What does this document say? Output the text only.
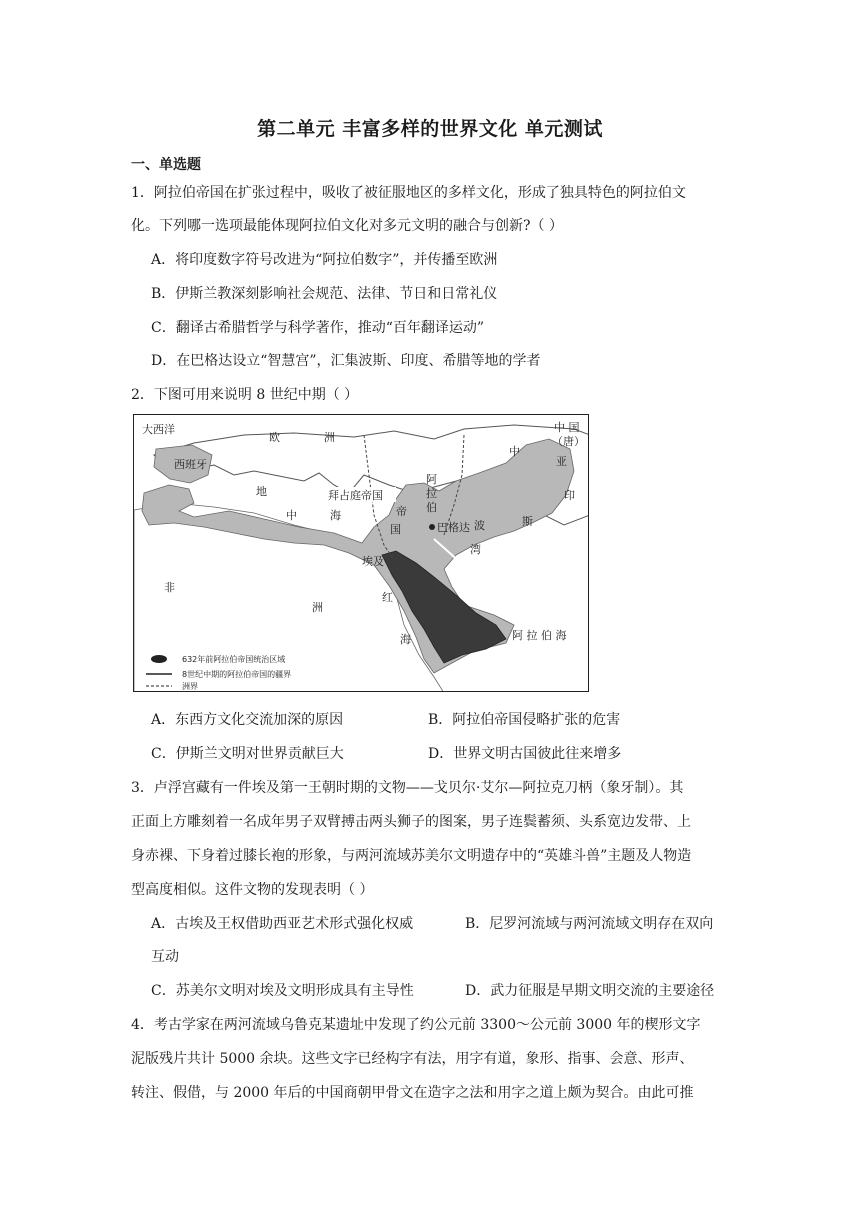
第二单元 丰富多样的世界文化 单元测试
一、单选题
1．阿拉伯帝国在扩张过程中，吸收了被征服地区的多样文化，形成了独具特色的阿拉伯文
化。下列哪一选项最能体现阿拉伯文化对多元文明的融合与创新?（ ）
A．将印度数字符号改进为“阿拉伯数字”，并传播至欧洲
B．伊斯兰教深刻影响社会规范、法律、节日和日常礼仪
C．翻译古希腊哲学与科学著作，推动“百年翻译运动”
D．在巴格达设立“智慧宫”，汇集波斯、印度、希腊等地的学者
2．下图可用来说明 8 世纪中期（ ）
大西洋
西班牙
欧	洲
地
中	海
拜占庭帝国
阿
拉
伯
帝
国	巴格达 波	斯
湾
埃及
非
洲
红
海	阿 拉 伯 海
中 国
（唐）
中
亚
印
632年前阿拉伯帝国统治区域
8世纪中期的阿拉伯帝国的疆界
洲界
A．东西方文化交流加深的原因	B．阿拉伯帝国侵略扩张的危害
C．伊斯兰文明对世界贡献巨大	D．世界文明古国彼此往来增多
3．卢浮宫藏有一件埃及第一王朝时期的文物——戈贝尔·艾尔—阿拉克刀柄（象牙制）。其
正面上方雕刻着一名成年男子双臂搏击两头狮子的图案，男子连鬓蓄须、头系宽边发带、上
身赤裸、下身着过膝长袍的形象，与两河流域苏美尔文明遗存中的“英雄斗兽”主题及人物造
型高度相似。这件文物的发现表明（ ）
A．古埃及王权借助西亚艺术形式强化权威	B．尼罗河流域与两河流域文明存在双向
互动
C．苏美尔文明对埃及文明形成具有主导性	D．武力征服是早期文明交流的主要途径
4．考古学家在两河流域乌鲁克某遗址中发现了约公元前 3300～公元前 3000 年的楔形文字
泥版残片共计 5000 余块。这些文字已经构字有法，用字有道，象形、指事、会意、形声、
转注、假借，与 2000 年后的中国商朝甲骨文在造字之法和用字之道上颇为契合。由此可推
